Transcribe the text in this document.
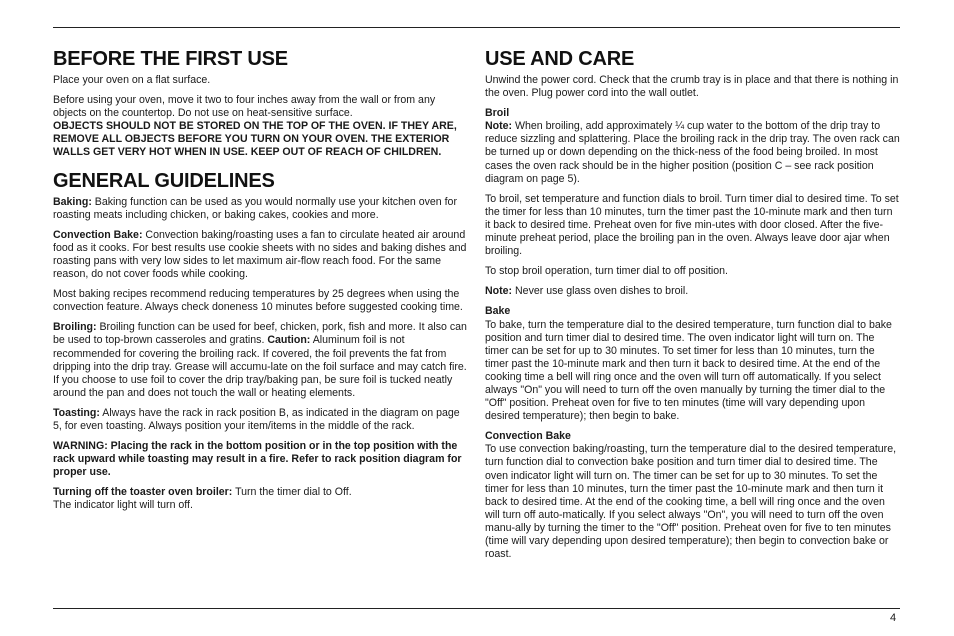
BEFORE THE FIRST USE

Place your oven on a flat surface.

Before using your oven, move it two to four inches away from the wall or from any objects on the countertop. Do not use on heat-sensitive surface.
OBJECTS SHOULD NOT BE STORED ON THE TOP OF THE OVEN. IF THEY ARE, REMOVE ALL OBJECTS BEFORE YOU TURN ON YOUR OVEN. THE EXTERIOR WALLS GET VERY HOT WHEN IN USE. KEEP OUT OF REACH OF CHILDREN.

GENERAL GUIDELINES

Baking: Baking function can be used as you would normally use your kitchen oven for roasting meats including chicken, or baking cakes, cookies and more.

Convection Bake: Convection baking/roasting uses a fan to circulate heated air around food as it cooks. For best results use cookie sheets with no sides and baking dishes and roasting pans with very low sides to let maximum air-flow reach food. For the same reason, do not cover foods while cooking.

Most baking recipes recommend reducing temperatures by 25 degrees when using the convection feature. Always check doneness 10 minutes before suggested cooking time.

Broiling: Broiling function can be used for beef, chicken, pork, fish and more. It also can be used to top-brown casseroles and gratins. Caution: Aluminum foil is not recommended for covering the broiling rack. If covered, the foil prevents the fat from dripping into the drip tray. Grease will accumu-late on the foil surface and may catch fire. If you choose to use foil to cover the drip tray/baking pan, be sure foil is tucked neatly around the pan and does not touch the wall or heating elements.

Toasting: Always have the rack in rack position B, as indicated in the diagram on page 5, for even toasting. Always position your item/items in the middle of the rack.

WARNING: Placing the rack in the bottom position or in the top position with the rack upward while toasting may result in a fire. Refer to rack position diagram for proper use.

Turning off the toaster oven broiler: Turn the timer dial to Off.

The indicator light will turn off.

USE AND CARE

Unwind the power cord. Check that the crumb tray is in place and that there is nothing in the oven. Plug power cord into the wall outlet.

Broil
Note: When broiling, add approximately ¼ cup water to the bottom of the drip tray to reduce sizzling and splattering. Place the broiling rack in the drip tray. The oven rack can be turned up or down depending on the thick-ness of the food being broiled. In most cases the oven rack should be in the higher position (position C – see rack position diagram on page 5).

To broil, set temperature and function dials to broil. Turn timer dial to desired time. To set the timer for less than 10 minutes, turn the timer past the 10-minute mark and then turn it back to desired time. Preheat oven for five min-utes with door closed. After the five-minute preheat period, place the broiling pan in the oven. Always leave door ajar when broiling.

To stop broil operation, turn timer dial to off position.

Note: Never use glass oven dishes to broil.

Bake
To bake, turn the temperature dial to the desired temperature, turn function dial to bake position and turn timer dial to desired time. The oven indicator light will turn on. The timer can be set for up to 30 minutes. To set timer for less than 10 minutes, turn the timer past the 10-minute mark and then turn it back to desired time. At the end of the cooking time a bell will ring once and the oven will turn off automatically. If you select always "On" you will need to turn off the oven manually by turning the timer dial to the "Off" position. Preheat oven for five to ten minutes (time will vary depending upon desired temperature); then begin to bake.

Convection Bake
To use convection baking/roasting, turn the temperature dial to the desired temperature, turn function dial to convection bake position and turn timer dial to desired time. The oven indicator light will turn on. The timer can be set for up to 30 minutes. To set the timer for less than 10 minutes, turn the timer past the 10-minute mark and then turn it back to desired time. At the end of the cooking time, a bell will ring once and the oven will turn off auto-matically. If you select always "On", you will need to turn off the oven manu-ally by turning the timer to the "Off" position. Preheat oven for five to ten minutes (time will vary depending upon desired temperature); then begin to convection bake or roast.

4
